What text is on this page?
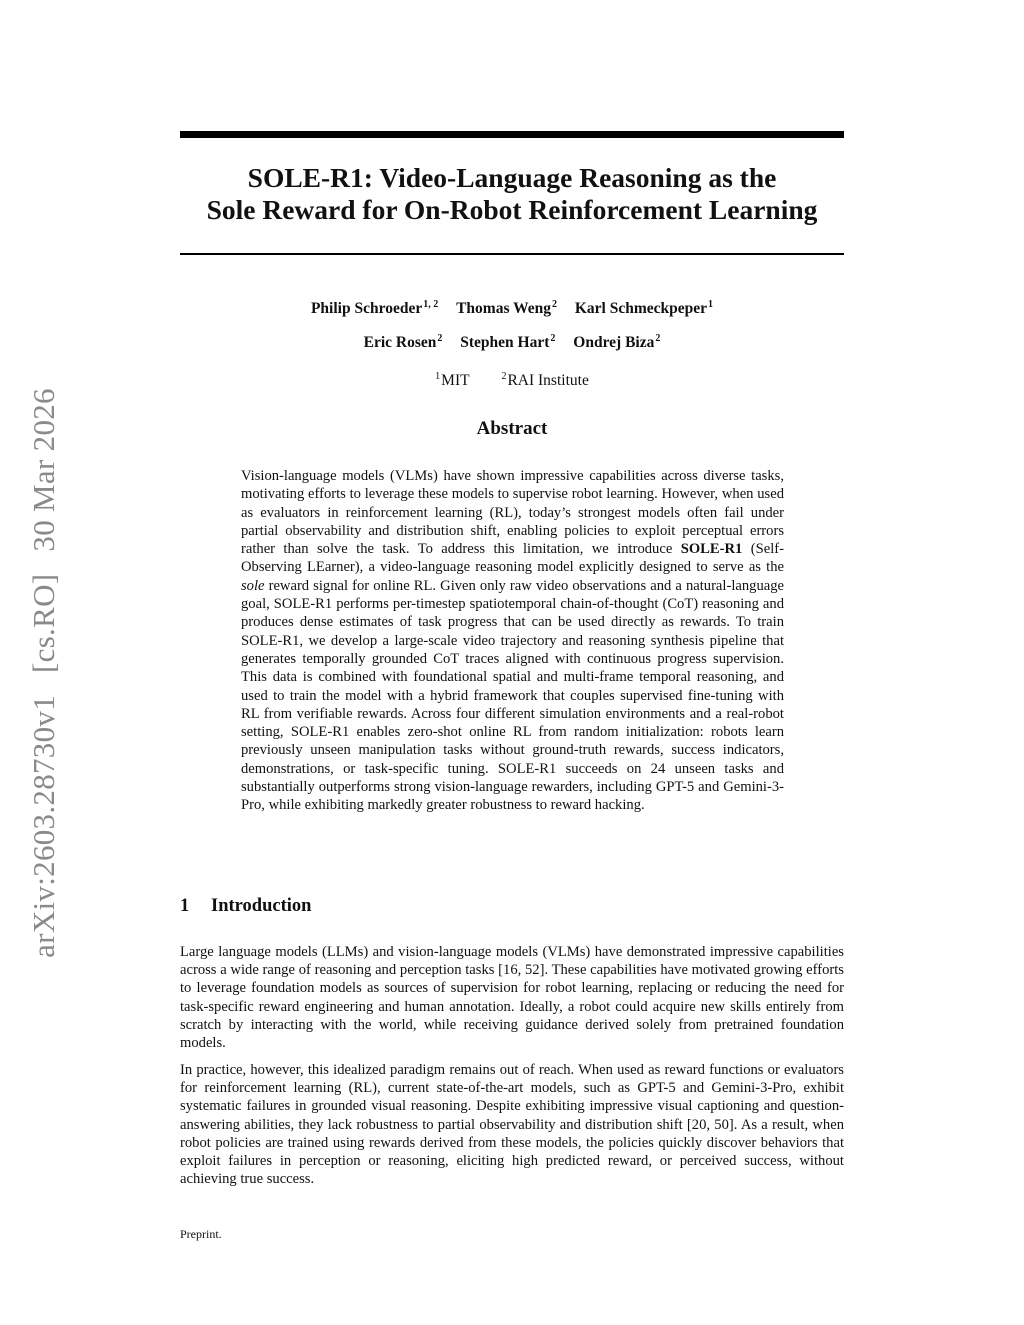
arXiv:2603.28730v1[cs.RO]30 Mar 2026
SOLE-R1: Video-Language Reasoning as the
Sole Reward for On-Robot Reinforcement Learning
Philip Schroeder$^{1, 2}$ Thomas Weng$^2$ Karl Schmeckpeper$^1$
Eric Rosen$^2$ Stephen Hart$^2$ Ondrej Biza$^2$
$^1$MIT	$^2$RAI Institute
Abstract

Vision-language models (VLMs) have shown impressive capabilities across diverse tasks, motivating efforts to leverage these models to supervise robot learning. However, when used as evaluators in reinforcement learning (RL), today’s strongest models often fail under partial observability and distribution shift, enabling policies to exploit perceptual errors rather than solve the task. To address this limitation, we introduce SOLE-R1 (Self-Observing LEarner), a video-language reasoning model explicitly designed to serve as the sole reward signal for online RL. Given only raw video observations and a natural-language goal, SOLE-R1 performs per-timestep spatiotemporal chain-of-thought (CoT) reasoning and produces dense estimates of task progress that can be used directly as rewards. To train SOLE-R1, we develop a large-scale video trajectory and reasoning synthesis pipeline that generates temporally grounded CoT traces aligned with continuous progress supervision. This data is combined with foundational spatial and multi-frame temporal reasoning, and used to train the model with a hybrid framework that couples supervised fine-tuning with RL from verifiable rewards. Across four different simulation environments and a real-robot setting, SOLE-R1 enables zero-shot online RL from random initialization: robots learn previously unseen manipulation tasks without ground-truth rewards, success indicators, demonstrations, or task-specific tuning. SOLE-R1 succeeds on 24 unseen tasks and substantially outperforms strong vision-language rewarders, including GPT-5 and Gemini-3-Pro, while exhibiting markedly greater robustness to reward hacking.

1 Introduction

Large language models (LLMs) and vision-language models (VLMs) have demonstrated impressive capabilities across a wide range of reasoning and perception tasks [16, 52]. These capabilities have motivated growing efforts to leverage foundation models as sources of supervision for robot learning, replacing or reducing the need for task-specific reward engineering and human annotation. Ideally, a robot could acquire new skills entirely from scratch by interacting with the world, while receiving guidance derived solely from pretrained foundation models.

In practice, however, this idealized paradigm remains out of reach. When used as reward functions or evaluators for reinforcement learning (RL), current state-of-the-art models, such as GPT-5 and Gemini-3-Pro, exhibit systematic failures in grounded visual reasoning. Despite exhibiting impressive visual captioning and question-answering abilities, they lack robustness to partial observability and distribution shift [20, 50]. As a result, when robot policies are trained using rewards derived from these models, the policies quickly discover behaviors that exploit failures in perception or reasoning, eliciting high predicted reward, or perceived success, without achieving true success.

Preprint.
